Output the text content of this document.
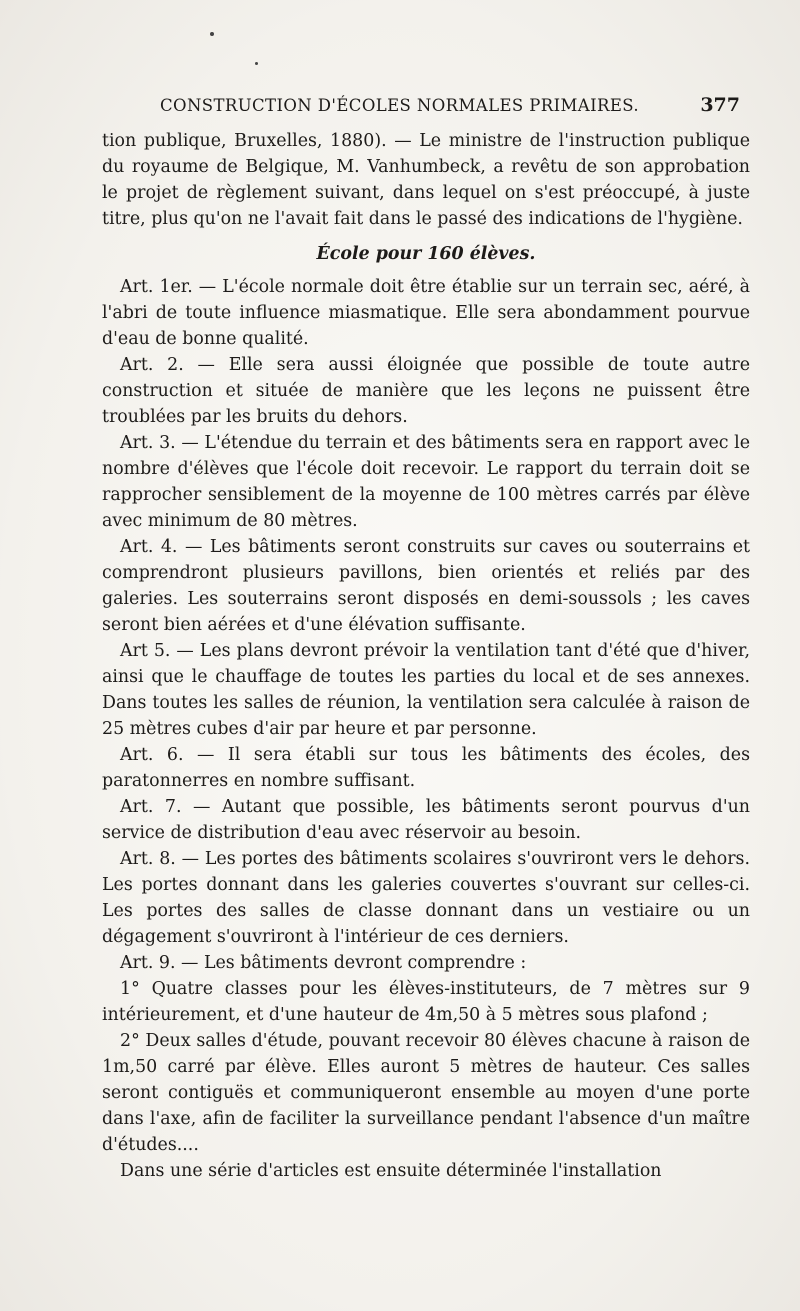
CONSTRUCTION D'ÉCOLES NORMALES PRIMAIRES.	377

tion publique, Bruxelles, 1880). — Le ministre de l'instruction publique du royaume de Belgique, M. Vanhumbeck, a revêtu de son approbation le projet de règlement suivant, dans lequel on s'est préoccupé, à juste titre, plus qu'on ne l'avait fait dans le passé des indications de l'hygiène.

École pour 160 élèves.

Art. 1er. — L'école normale doit être établie sur un terrain sec, aéré, à l'abri de toute influence miasmatique. Elle sera abondamment pourvue d'eau de bonne qualité.

Art. 2. — Elle sera aussi éloignée que possible de toute autre construction et située de manière que les leçons ne puissent être troublées par les bruits du dehors.

Art. 3. — L'étendue du terrain et des bâtiments sera en rapport avec le nombre d'élèves que l'école doit recevoir. Le rapport du terrain doit se rapprocher sensiblement de la moyenne de 100 mètres carrés par élève avec minimum de 80 mètres.

Art. 4. — Les bâtiments seront construits sur caves ou souterrains et comprendront plusieurs pavillons, bien orientés et reliés par des galeries. Les souterrains seront disposés en demi-soussols ; les caves seront bien aérées et d'une élévation suffisante.

Art 5. — Les plans devront prévoir la ventilation tant d'été que d'hiver, ainsi que le chauffage de toutes les parties du local et de ses annexes. Dans toutes les salles de réunion, la ventilation sera calculée à raison de 25 mètres cubes d'air par heure et par personne.

Art. 6. — Il sera établi sur tous les bâtiments des écoles, des paratonnerres en nombre suffisant.

Art. 7. — Autant que possible, les bâtiments seront pourvus d'un service de distribution d'eau avec réservoir au besoin.

Art. 8. — Les portes des bâtiments scolaires s'ouvriront vers le dehors. Les portes donnant dans les galeries couvertes s'ouvrant sur celles-ci. Les portes des salles de classe donnant dans un vestiaire ou un dégagement s'ouvriront à l'intérieur de ces derniers.

Art. 9. — Les bâtiments devront comprendre :

1° Quatre classes pour les élèves-instituteurs, de 7 mètres sur 9 intérieurement, et d'une hauteur de 4m,50 à 5 mètres sous plafond ;

2° Deux salles d'étude, pouvant recevoir 80 élèves chacune à raison de 1m,50 carré par élève. Elles auront 5 mètres de hauteur. Ces salles seront contiguës et communiqueront ensemble au moyen d'une porte dans l'axe, afin de faciliter la surveillance pendant l'absence d'un maître d'études....

Dans une série d'articles est ensuite déterminée l'installation
